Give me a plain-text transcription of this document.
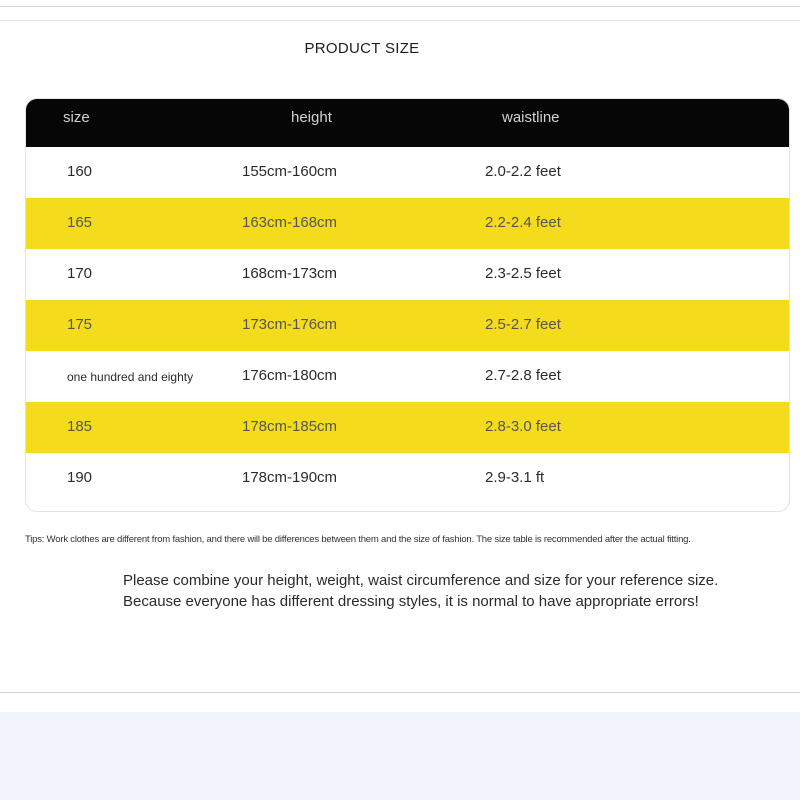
PRODUCT SIZE
size	height	waistline
160	155cm-160cm	2.0-2.2 feet
165	163cm-168cm	2.2-2.4 feet
170	168cm-173cm	2.3-2.5 feet
175	173cm-176cm	2.5-2.7 feet
one hundred and eighty	176cm-180cm	2.7-2.8 feet
185	178cm-185cm	2.8-3.0 feet
190	178cm-190cm	2.9-3.1 ft
Tips: Work clothes are different from fashion, and there will be differences between them and the size of fashion. The size table is recommended after the actual fitting.
Please combine your height, weight, waist circumference and size for your reference size. Because everyone has different dressing styles, it is normal to have appropriate errors!
